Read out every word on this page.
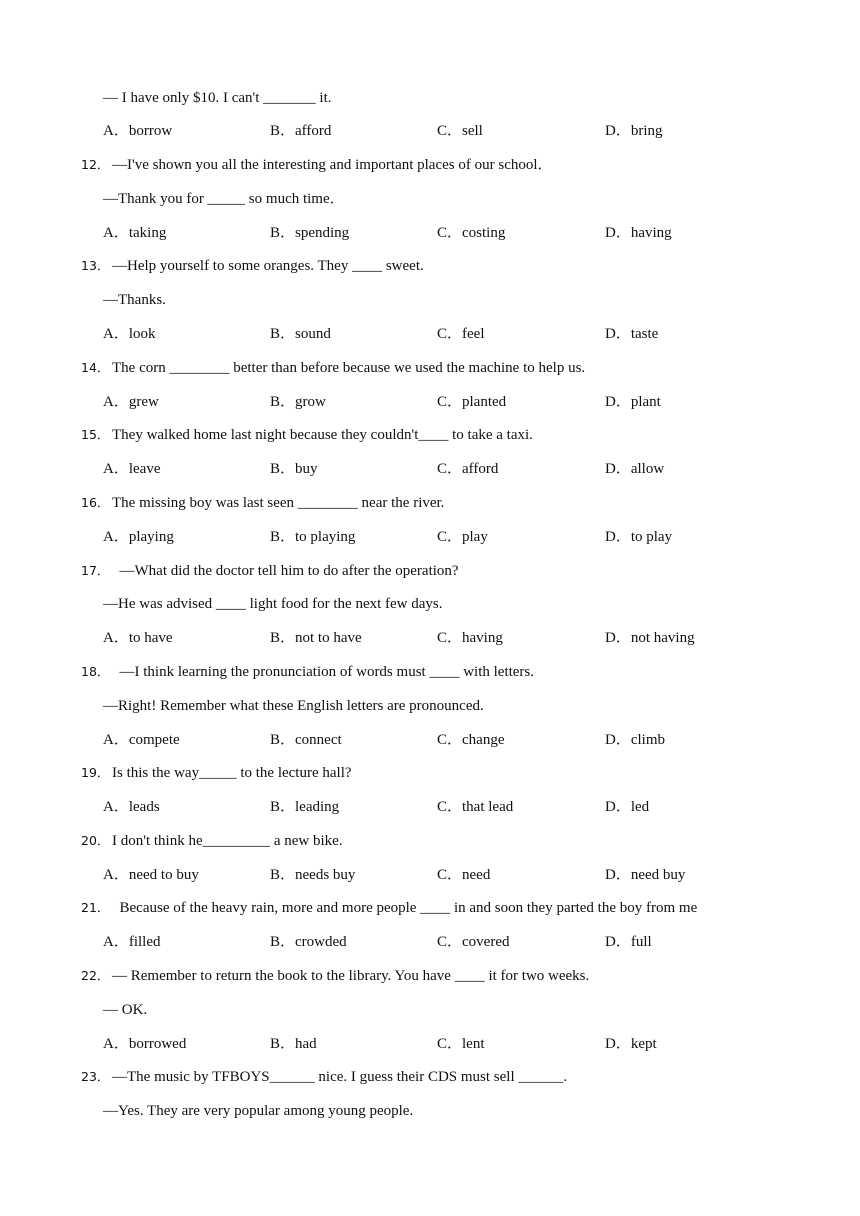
— I have only $10. I can't _______ it.
A．borrow	B．afford	C．sell	D．bring
12． —I've shown you all the interesting and important places of our school．
—Thank you for _____ so much time．
A．taking	B．spending	C．costing	D．having
13． —Help yourself to some oranges. They ____ sweet.
—Thanks.
A．look	B．sound	C．feel	D．taste
14． The corn ________ better than before because we used the machine to help us.
A．grew	B．grow	C．planted	D．plant
15． They walked home last night because they couldn't____ to take a taxi.
A．leave	B．buy	C．afford	D．allow
16． The missing boy was last seen ________ near the river.
A．playing	B．to playing	C．play	D．to play
17． —What did the doctor tell him to do after the operation?
—He was advised ____ light food for the next few days.
A．to have	B．not to have	C．having	D．not having
18． —I think learning the pronunciation of words must ____ with letters.
—Right! Remember what these English letters are pronounced.
A．compete	B．connect	C．change	D．climb
19． Is this the way_____ to the lecture hall?
A．leads	B．leading	C．that lead	D．led
20． I don't think he_________ a new bike.
A．need to buy	B．needs buy	C．need	D．need buy
21． Because of the heavy rain, more and more people ____ in and soon they parted the boy from me
A．filled	B．crowded	C．covered	D．full
22． — Remember to return the book to the library. You have ____ it for two weeks.
— OK.
A．borrowed	B．had	C．lent	D．kept
23． —The music by TFBOYS______ nice. I guess their CDS must sell ______.
—Yes. They are very popular among young people.
